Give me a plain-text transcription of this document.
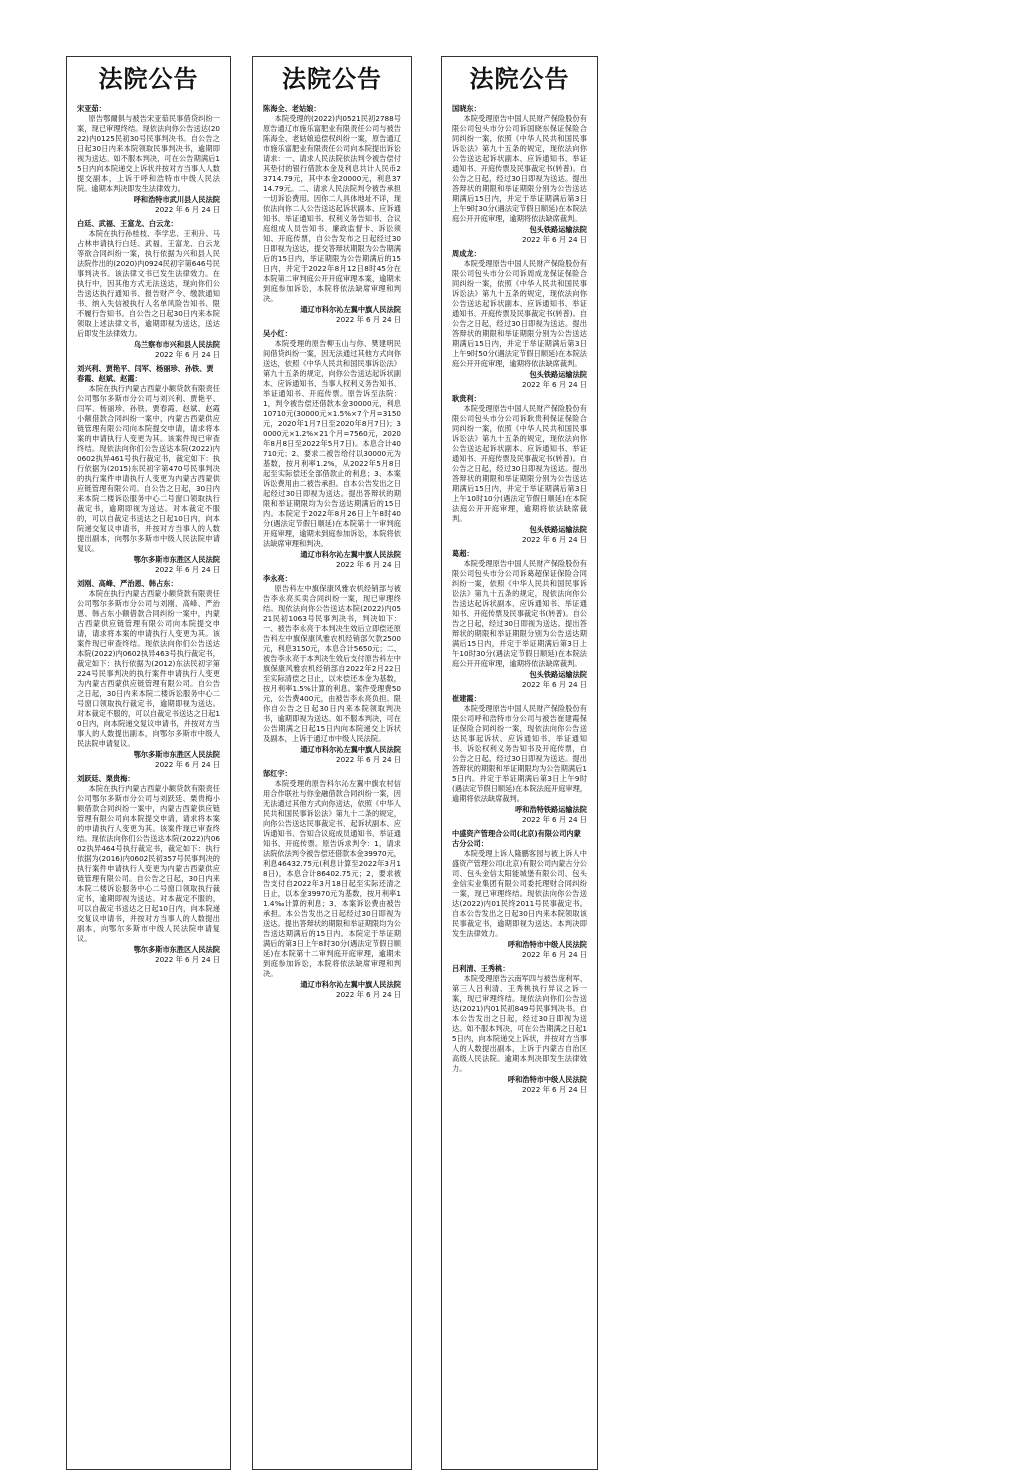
法院公告
宋亚茹：
原告鄂爾俱与被告宋亚茹民事借贷纠纷一案，现已审理终结。现依法向你公告送达(2022)内0125民初30号民事判决书。自公告之日起30日内来本院领取民事判决书，逾期即视为送达。如不服本判决，可在公告期满后15日内向本院递交上诉状并按对方当事人人数提交副本，上诉于呼和浩特市中级人民法院。逾期本判决即发生法律效力。
呼和浩特市武川县人民法院
2022 年 6 月 24 日
白廷、武福、王富龙、白云龙：
本院在执行孙桂枝、李学忠、王利升、马占林申请执行白廷、武福、王富龙、白云龙等欲合同纠纷一案，执行依据为兴和县人民法院作出的(2020)内0924民初字第646号民事判决书。该法律文书已发生法律效力。在执行中，因其他方式无法送达，现向你们公告送达执行通知书、报告财产令、缴款通知书、纳入失信被执行人名单风险告知书、限不履行告知书。自公告之日起30日内来本院领取上述法律文书，逾期即视为送达，送达后即发生法律效力。
乌兰察布市兴和县人民法院
2022 年 6 月 24 日
刘兴利、贾艳平、闫军、杨丽珍、孙铁、贾春霞、赵斌、赵霞：
本院在执行内蒙古西蒙小额贷款有限责任公司鄂尔多斯市分公司与刘兴利、贾艳平、闫军、杨丽珍、孙铁、贾春霞、赵斌、赵霞小额借款合同纠纷一案中，内蒙古西蒙供应链管理有限公司向本院提交申请，请求将本案的申请执行人变更为其。该案件现已审查终结。现依法向你们公告送达本院(2022)内0602执异461号执行裁定书，裁定如下：执行依据为(2015)东民初字第470号民事判决的执行案件申请执行人变更为内蒙古西蒙供应链管理有限公司。自公告之日起，30日内来本院二楼诉讼服务中心二号窗口领取执行裁定书，逾期即视为送达。对本裁定不服的，可以自裁定书送达之日起10日内，向本院递交复议申请书，并按对方当事人的人数提出副本，向鄂尔多斯市中级人民法院申请复议。
鄂尔多斯市东胜区人民法院
2022 年 6 月 24 日
刘刚、高峰、严治恩、韩占东：
本院在执行内蒙古西蒙小额贷款有限责任公司鄂尔多斯市分公司与刘刚、高峰、严治恩、韩占东小额借款合同纠纷一案中，内蒙古西蒙供应链管理有限公司向本院提交申请，请求将本案的申请执行人变更为其。该案件现已审查终结。现依法向你们公告送达本院(2022)内0602执异463号执行裁定书，裁定如下：执行依据为(2012)东法民初字第224号民事判决的执行案件申请执行人变更为内蒙古西蒙供应链管理有限公司。自公告之日起，30日内来本院二楼诉讼服务中心二号窗口领取执行裁定书，逾期即视为送达。对本裁定不服的，可以自裁定书送达之日起10日内，向本院递交复议申请书，并按对方当事人的人数提出副本，向鄂尔多斯市中级人民法院申请复议。
鄂尔多斯市东胜区人民法院
2022 年 6 月 24 日
刘跃廷、栗贵梅：
本院在执行内蒙古西蒙小额贷款有限责任公司鄂尔多斯市分公司与刘跃廷、栗贵梅小额借款合同纠纷一案中，内蒙古西蒙供应链管理有限公司向本院提交申请，请求将本案的申请执行人变更为其。该案件现已审查终结。现依法向你们公告送达本院(2022)内0602执异464号执行裁定书，裁定如下：执行依据为(2016)内0602民初357号民事判决的执行案件申请执行人变更为内蒙古西蒙供应链管理有限公司。自公告之日起，30日内来本院二楼诉讼服务中心二号窗口领取执行裁定书，逾期即视为送达。对本裁定不服的，可以自裁定书送达之日起10日内，向本院递交复议申请书，并按对方当事人的人数提出副本，向鄂尔多斯市中级人民法院申请复议。
鄂尔多斯市东胜区人民法院
2022 年 6 月 24 日
法院公告
陈海全、老姑娘：
本院受理的(2022)内0521民初2788号原告通辽市施乐富肥业有限责任公司与被告陈海全、老姑娘追偿权纠纷一案，原告通辽市施乐富肥业有限责任公司向本院提出诉讼请求：一、请求人民法院依法判令被告偿付其垫付的银行借款本金及利息共计人民币23714.79元，其中本金20000元，利息3714.79元。二、请求人民法院判令被告承担一切诉讼费用。因你二人具体地址不详，现依法向你二人公告送达起诉状副本、应诉通知书、举证通知书、权利义务告知书、合议庭组成人员告知书、廉政监督卡、诉讼须知、开庭传票，自公告发布之日起经过30日即视为送达，提交答辩状期限为公告期满后的15日内，举证期限为公告期满后的15日内，并定于2022年8月12日8时45分在本院第二审判庭公开开庭审理本案，逾期未到庭参加诉讼，本院将依法缺席审理和判决。
通辽市科尔沁左翼中旗人民法院
2022 年 6 月 24 日
吴小红：
本院受理的原告柳玉山与你、樊建明民间借贷纠纷一案，因无法通过其他方式向你送达，依照《中华人民共和国民事诉讼法》第九十五条的规定，向你公告送达起诉状副本、应诉通知书、当事人权利义务告知书、举证通知书、开庭传票。原告诉至法院：1，判令被告偿还借款本金30000元，利息10710元(30000元×1.5%×7个月=3150元，2020年1月7日至2020年8月7日)；30000元×1.2%×21个月=7560元，2020年8月8日至2022年5月7日)。本息合计40710元；2、要求二被告给付以30000元为基数，按月利率1.2%，从2022年5月8日起至实际偿还全部借款止的利息；3、本案诉讼费用由二被告承担。自本公告发出之日起经过30日即视为送达。提出答辩状的期限和举证期限均为公告送达期满后的15日内。本院定于2022年8月26日上午8时40分(遇法定节假日顺延)在本院第十一审判庭开庭审理，逾期未到庭参加诉讼，本院将依法缺席审理和判决。
通辽市科尔沁左翼中旗人民法院
2022 年 6 月 24 日
李永亮：
原告科左中旗保康风雅农机经销部与被告李永亮买卖合同纠纷一案，现已审理终结。现依法向你公告送达本院(2022)内0521民初1063号民事判决书，判决如下：一、被告李永亮于本判决生效后立即偿还原告科左中旗保康风雅农机经销部欠款2500元，利息3150元，本息合计5650元；二、被告李永亮于本判决生效后支付原告科左中旗保康风雅农机经销部自2022年2月22日至实际清偿之日止，以未偿还本金为基数，按月利率1.5%计算的利息。案件受理费50元，公告费400元，由被告李永亮负担。限你自公告之日起30日内来本院领取判决书，逾期即视为送达。如不服本判决，可在公告期满之日起15日内向本院递交上诉状及副本，上诉于通辽市中级人民法院。
通辽市科尔沁左翼中旗人民法院
2022 年 6 月 24 日
郜红宇：
本院受理的原告科尔沁左翼中旗农村信用合作联社与你金融借款合同纠纷一案，因无法通过其他方式向你送达，依照《中华人民共和国民事诉讼法》第九十二条的规定，向你公告送达民事裁定书、起诉状副本、应诉通知书、告知合议庭成员通知书、举证通知书、开庭传票。原告诉求判令：1，请求法院依法判令被告偿还借款本金39970元，利息46432.75元(利息计算至2022年3月18日)，本息合计86402.75元；2，要求被告支付自2022年3月18日起至实际还清之日止，以本金39970元为基数，按月利率11.4‰计算的利息；3、本案诉讼费由被告承担。本公告发出之日起经过30日即视为送达。提出答辩状的期限和举证期限均为公告送达期满后的15日内。本院定于举证期满后的第3日上午8时30分(遇法定节假日顺延)在本院第十二审判庭开庭审理，逾期未到庭参加诉讼，本院将依法缺席审理和判决。
通辽市科尔沁左翼中旗人民法院
2022 年 6 月 24 日
法院公告
国晓东：
本院受理原告中国人民财产保险股份有限公司包头市分公司诉国晓东保证保险合同纠纷一案，依照《中华人民共和国民事诉讼法》第九十五条的规定，现依法向你公告送达起诉状副本、应诉通知书、举证通知书、开庭传票及民事裁定书(转普)。自公告之日起，经过30日即视为送达。提出答辩状的期限和举证期限分别为公告送达期满后15日内，并定于举证期满后第3日上午9时30分(遇法定节假日顺延)在本院法庭公开开庭审理，逾期将依法缺席裁判。
包头铁路运输法院
2022 年 6 月 24 日
周成龙：
本院受理原告中国人民财产保险股份有限公司包头市分公司诉周成龙保证保险合同纠纷一案，依照《中华人民共和国民事诉讼法》第九十五条的规定，现依法向你公告送达起诉状副本、应诉通知书、举证通知书、开庭传票及民事裁定书(转普)。自公告之日起，经过30日即视为送达。提出答辩状的期限和举证期限分别为公告送达期满后15日内，并定于举证期满后第3日上午9时50分(遇法定节假日顺延)在本院法庭公开开庭审理，逾期将依法缺席裁判。
包头铁路运输法院
2022 年 6 月 24 日
耿贵利：
本院受理原告中国人民财产保险股份有限公司包头市分公司诉耿贵利保证保险合同纠纷一案，依照《中华人民共和国民事诉讼法》第九十五条的规定，现依法向你公告送达起诉状副本、应诉通知书、举证通知书、开庭传票及民事裁定书(转普)。自公告之日起，经过30日即视为送达。提出答辩状的期限和举证期限分别为公告送达期满后15日内，并定于举证期满后第3日上午10时10分(遇法定节假日顺延)在本院法庭公开开庭审理，逾期将依法缺席裁判。
包头铁路运输法院
2022 年 6 月 24 日
葛超：
本院受理原告中国人民财产保险股份有限公司包头市分公司诉葛超保证保险合同纠纷一案，依照《中华人民共和国民事诉讼法》第九十五条的规定，现依法向你公告送达起诉状副本、应诉通知书、举证通知书、开庭传票及民事裁定书(转普)。自公告之日起，经过30日即视为送达。提出答辩状的期限和举证期限分别为公告送达期满后15日内，并定于举证期满后第3日上午10时30分(遇法定节假日顺延)在本院法庭公开开庭审理，逾期将依法缺席裁判。
包头铁路运输法院
2022 年 6 月 24 日
崔建霞：
本院受理原告中国人民财产保险股份有限公司呼和浩特市分公司与被告崔建霞保证保险合同纠纷一案，现依法向你公告送达民事起诉状、应诉通知书、举证通知书、诉讼权利义务告知书及开庭传票，自公告之日起，经过30日即视为送达。提出答辩状的期限和举证期限均为公告期满后15日内。并定于举证期满后第3日上午9时(遇法定节假日顺延)在本院法庭开庭审理，逾期将依法缺席裁判。
呼和浩特铁路运输法院
2022 年 6 月 24 日
中盛资产管理合公司(北京)有限公司内蒙古分公司：
本院受理上诉人隆鹏客园与被上诉人中盛资产管理公司(北京)有限公司内蒙古分公司、包头金信太阳能城堡有限公司、包头金信实业集团有限公司委托理财合同纠纷一案，现已审理终结。现依法向你公告送达(2022)内01民终2011号民事裁定书。自本公告发出之日起30日内来本院领取该民事裁定书，逾期即视为送达。本判决即发生法律效力。
呼和浩特市中级人民法院
2022 年 6 月 24 日
吕利清、王秀桃：
本院受理原告云南军四与被告庞利军、第三人吕利清、王秀桃执行异议之诉一案，现已审理终结。现依法向你们公告送达(2021)内01民初849号民事判决书。自本公告发出之日起，经过30日即视为送达。如不服本判决，可在公告期满之日起15日内，向本院递交上诉状，并按对方当事人的人数提出副本，上诉于内蒙古自治区高级人民法院。逾期本判决即发生法律效力。
呼和浩特市中级人民法院
2022 年 6 月 24 日
